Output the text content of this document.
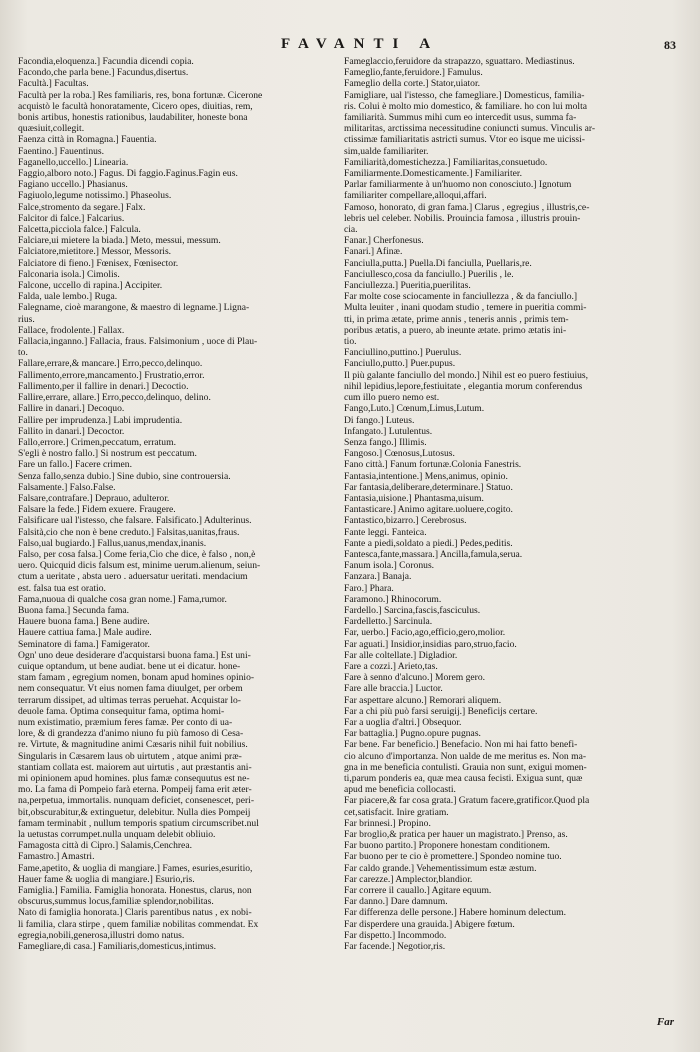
FAVANTI A	83
Facondia,eloquenza.] Facundia dicendi copia.
Facondo,che parla bene.] Facundus,disertus.
Facultà.] Facultas.
Facultà per la roba.] Res familiaris, res, bona fortunæ. Cicerone
acquistò le facultà honoratamente, Cicero opes, diuitias, rem,
bonis artibus, honestis rationibus, laudabiliter, honeste bona
quæsiuit,collegit.
Faenza città in Romagna.] Fauentia.
Faentino.] Fauentinus.
Faganello,uccello.] Linearia.
Faggio,alboro noto.] Fagus. Di faggio.Faginus.Fagin eus.
Fagiano uccello.] Phasianus.
Fagiuolo,legume notissimo.] Phaseolus.
Falce,stromento da segare.] Falx.
Falcitor di falce.] Falcarius.
Falcetta,picciola falce.] Falcula.
Falciare,ui mietere la biada.] Meto, messui, messum.
Falciatore,mietitore.] Messor, Messoris.
Falciatore di fieno.] Fœnisex, Fœnisector.
Falconaria isola.] Cimolis.
Falcone, uccello di rapina.] Accipiter.
Falda, uale lembo.] Ruga.
Falegname, cioè marangone, & maestro di legname.] Ligna-
rius.
Fallace, frodolente.] Fallax.
Fallacia,inganno.] Fallacia, fraus. Falsimonium , uoce di Plau-
to.
Fallare,errare,& mancare.] Erro,pecco,delinquo.
Fallimento,errore,mancamento.] Frustratio,error.
Fallimento,per il fallire in denari.] Decoctio.
Fallire,errare, allare.] Erro,pecco,delinquo, delino.
Fallire in danari.] Decoquo.
Fallire per imprudenza.] Labi imprudentia.
Fallito in danari.] Decoctor.
Fallo,errore.] Crimen,peccatum, erratum.
S'egli è nostro fallo.] Si nostrum est peccatum.
Fare un fallo.] Facere crimen.
Senza fallo,senza dubio.] Sine dubio, sine controuersia.
Falsamente.] Falso.False.
Falsare,contrafare.] Deprauo, adulteror.
Falsare la fede.] Fidem exuere. Fraugere.
Falsificare ual l'istesso, che falsare. Falsificato.] Adulterinus.
Falsità,cio che non è bene creduto.] Falsitas,uanitas,fraus.
Falso,ual bugiardo.] Fallus,uanus,mendax,inanis.
Falso, per cosa falsa.] Come feria,Cio che dice, è falso , non,è
uero. Quicquid dicis falsum est, minime uerum.alienum, seiun-
ctum a ueritate , absta uero . aduersatur ueritati. mendacium
est. falsa tua est oratio.
Fama,nuoua di qualche cosa gran nome.] Fama,rumor.
Buona fama.] Secunda fama.
Hauere buona fama.] Bene audire.
Hauere cattiua fama.] Male audire.
Seminatore di fama.] Famigerator.
Ogn' uno deue desiderare d'acquistarsi buona fama.] Est uni-
cuique optandum, ut bene audiat. bene ut ei dicatur. hone-
stam famam , egregium nomen, bonam apud homines opinio-
nem consequatur. Vt eius nomen fama diuulget, per orbem
terrarum dissipet, ad ultimas terras peruehat. Acquistar lo-
deuole fama. Optima consequitur fama, optima homi-
num existimatio, præmium feres famæ. Per conto di ua-
lore, & di grandezza d'animo niuno fu più famoso di Cesa-
re. Virtute, & magnitudine animi Cæsaris nihil fuit nobilius.
Singularis in Cæsarem laus ob uirtutem , atque animi præ-
stantiam collata est. maiorem aut uirtutis , aut præstantis ani-
mi opinionem apud homines. plus famæ consequutus est ne-
mo. La fama di Pompeio farà eterna. Pompeij fama erit æter-
na,perpetua, immortalis. nunquam deficiet, consenescet, peri-
bit,obscurabitur,& extinguetur, delebitur. Nulla dies Pompeij
famam terminabit , nullum temporis spatium circumscribet.nul
la uetustas corrumpet.nulla unquam delebit obliuio.
Famagosta città di Cipro.] Salamis,Cenchrea.
Famastro.] Amastri.
Fame,apetito, & uoglia di mangiare.] Fames, esuries,esuritio,
Hauer fame & uoglia di mangiare.] Esurio,ris.
Famiglia.] Familia. Famiglia honorata. Honestus, clarus, non
obscurus,summus locus,familiæ splendor,nobilitas.
Nato di famiglia honorata.] Claris parentibus natus , ex nobi-
li familia, clara stirpe , quem familiæ nobilitas commendat. Ex
egregia,nobili,generosa,illustri domo natus.
Famegliare,di casa.] Familiaris,domesticus,intimus.
Fameglaccio,feruidore da strapazzo, sguattaro. Mediastinus.
Fameglio,fante,feruidore.] Famulus.
Fameglio della corte.] Stator,uiator.
Famigliare, ual l'istesso, che famegliare.] Domesticus, familia-
ris. Colui è molto mio domestico, & familiare. ho con lui molta
familiarità. Summus mihi cum eo intercedit usus, summa fa-
militaritas, arctissima necessitudine coniuncti sumus. Vinculis ar-
ctissimæ familiaritatis astricti sumus. Vtor eo isque me uicissi-
sim,ualde familiariter.
Familiarità,domestichezza.] Familiaritas,consuetudo.
Familiarmente.Domesticamente.] Familiariter.
Parlar familiarmente à un'huomo non conosciuto.] Ignotum
familiariter compellare,alloqui,affari.
Famoso, honorato, di gran fama.] Clarus , egregius , illustris,ce-
lebris uel celeber. Nobilis. Prouincia famosa , illustris prouin-
cia.
Fanar.] Cherfonesus.
Fanari.] Afinæ.
Fanciulla,putta.] Puella.Di fanciulla, Puellaris,re.
Fanciullesco,cosa da fanciullo.] Puerilis , le.
Fanciullezza.] Pueritia,puerilitas.
Far molte cose sciocamente in fanciullezza , & da fanciullo.]
Multa leuiter , inani quodam studio , temere in pueritia commi-
tti, in prima ætate, prime annis , teneris annis , primis tem-
poribus ætatis, a puero, ab ineunte ætate. primo ætatis ini-
tio.
Fanciullino,puttino.] Puerulus.
Fanciullo,putto.] Puer.pupus.
Il più galante fanciullo del mondo.] Nihil est eo puero festiuius,
nihil lepidius,lepore,festiuitate , elegantia morum conferendus
cum illo puero nemo est.
Fango,Luto.] Cœnum,Limus,Lutum.
Di fango.] Luteus.
Infangato.] Lutulentus.
Senza fango.] Illimis.
Fangoso.] Cœnosus,Lutosus.
Fano città.] Fanum fortunæ.Colonia Fanestris.
Fantasia,intentione.] Mens,animus, opinio.
Far fantasia,deliberare,determinare.] Statuo.
Fantasia,uisione.] Phantasma,uisum.
Fantasticare.] Animo agitare.uoluere,cogito.
Fantastico,bizarro.] Cerebrosus.
Fante leggi. Fanteica.
Fante a piedi,soldato a piedi.] Pedes,peditis.
Fantesca,fante,massara.] Ancilla,famula,serua.
Fanum isola.] Coronus.
Fanzara.] Banaja.
Faro.] Phara.
Faramono.] Rhinocorum.
Fardello.] Sarcina,fascis,fasciculus.
Fardelletto.] Sarcinula.
Far, uerbo.] Facio,ago,efficio,gero,molior.
Far aguati.] Insidior,insidias paro,struo,facio.
Far alle coltellate.] Digladior.
Fare a cozzi.] Arieto,tas.
Fare à senno d'alcuno.] Morem gero.
Fare alle braccia.] Luctor.
Far aspettare alcuno.] Remorari aliquem.
Far a chi più può farsi seruigij.] Beneficijs certare.
Far a uoglia d'altri.] Obsequor.
Far battaglia.] Pugno.opure pugnas.
Far bene. Far beneficio.] Benefacio. Non mi hai fatto benefi-
cio alcuno d'importanza. Non ualde de me meritus es. Non ma-
gna in me beneficia contulisti. Grauia non sunt, exigui momen-
ti,parum ponderis ea, quæ mea causa fecisti. Exigua sunt, quæ
apud me beneficia collocasti.
Far piacere,& far cosa grata.] Gratum facere,gratificor.Quod pla
cet,satisfacit. Inire gratiam.
Far brinnesi.] Propino.
Far broglio,& pratica per hauer un magistrato.] Prenso, as.
Far buono partito.] Proponere honestam conditionem.
Far buono per te cio è promettere.] Spondeo nomine tuo.
Far caldo grande.] Vehementissimum estæ æstum.
Far carezze.] Amplector,blandior.
Far correre il cauallo.] Agitare equum.
Far danno.] Dare damnum.
Far differenza delle persone.] Habere hominum delectum.
Far disperdere una grauida.] Abigere fœtum.
Far dispetto.] Incommodo.
Far facende.] Negotior,ris.
Far
